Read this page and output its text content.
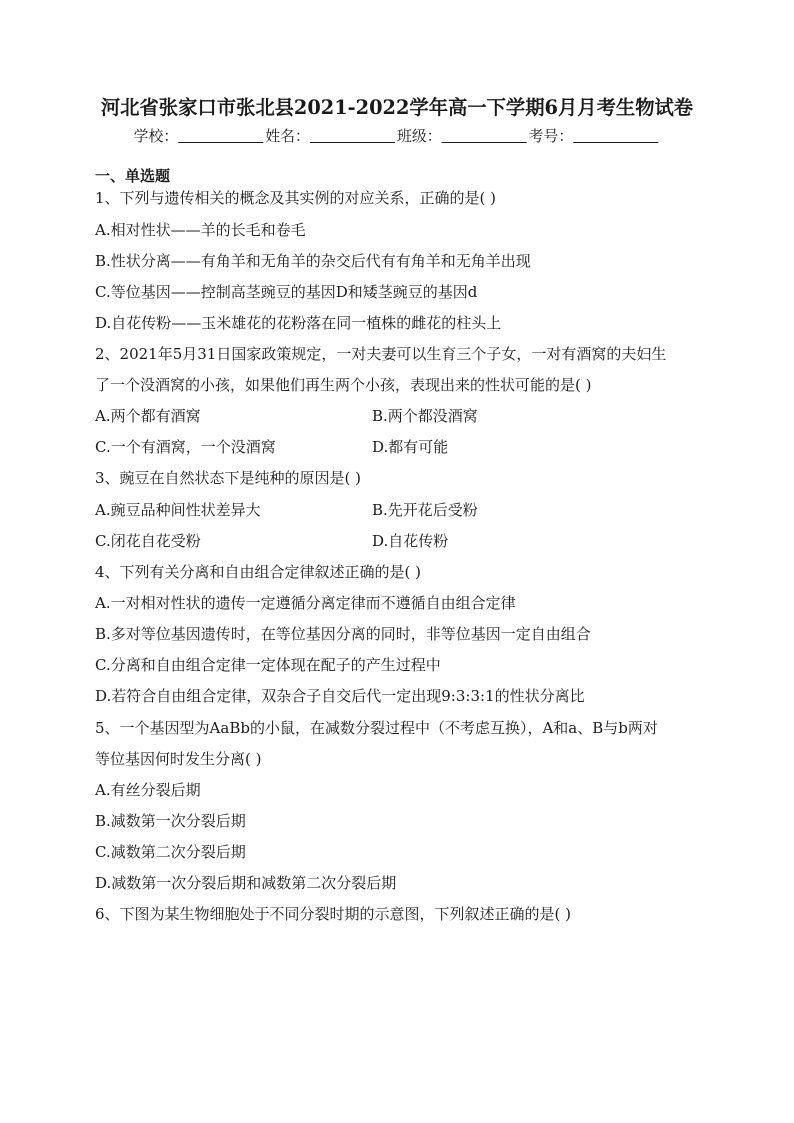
河北省张家口市张北县2021-2022学年高一下学期6月月考生物试卷
学校：	姓名：	班级：	考号：
一、单选题
1、下列与遗传相关的概念及其实例的对应关系，正确的是( )
A.相对性状——羊的长毛和卷毛
B.性状分离——有角羊和无角羊的杂交后代有有角羊和无角羊出现
C.等位基因——控制高茎豌豆的基因D和矮茎豌豆的基因d
D.自花传粉——玉米雄花的花粉落在同一植株的雌花的柱头上
2、2021年5月31日国家政策规定，一对夫妻可以生育三个子女，一对有酒窝的夫妇生
了一个没酒窝的小孩，如果他们再生两个小孩，表现出来的性状可能的是( )
A.两个都有酒窝	B.两个都没酒窝
C.一个有酒窝，一个没酒窝	D.都有可能
3、豌豆在自然状态下是纯种的原因是( )
A.豌豆品种间性状差异大	B.先开花后受粉
C.闭花自花受粉	D.自花传粉
4、下列有关分离和自由组合定律叙述正确的是( )
A.一对相对性状的遗传一定遵循分离定律而不遵循自由组合定律
B.多对等位基因遗传时，在等位基因分离的同时，非等位基因一定自由组合
C.分离和自由组合定律一定体现在配子的产生过程中
D.若符合自由组合定律，双杂合子自交后代一定出现9:3:3:1的性状分离比
5、一个基因型为AaBb的小鼠，在减数分裂过程中（不考虑互换），A和a、B与b两对
等位基因何时发生分离( )
A.有丝分裂后期
B.减数第一次分裂后期
C.减数第二次分裂后期
D.减数第一次分裂后期和减数第二次分裂后期
6、下图为某生物细胞处于不同分裂时期的示意图，下列叙述正确的是( )
